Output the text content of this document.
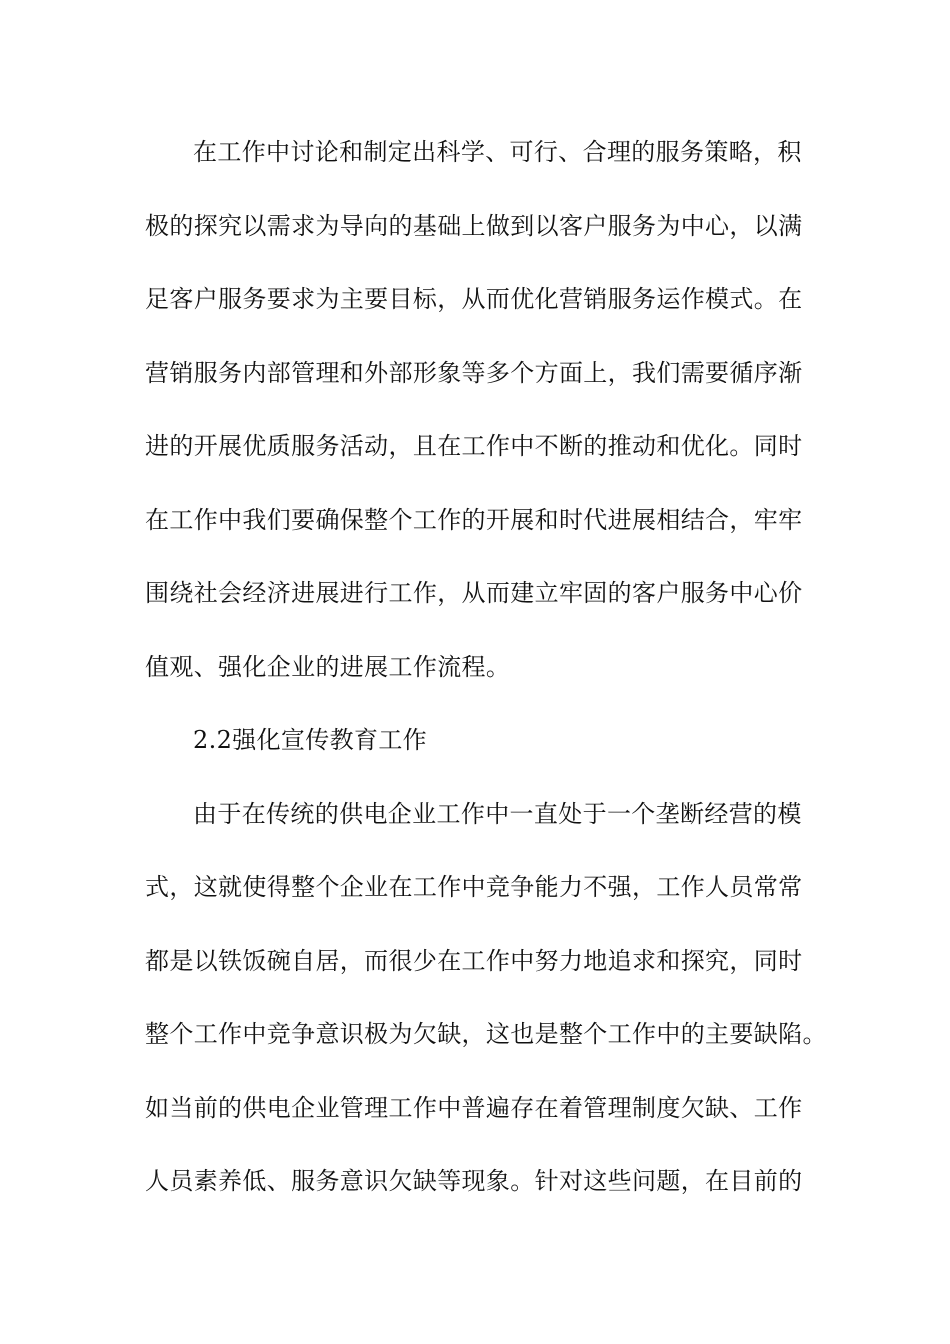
在工作中讨论和制定出科学、可行、合理的服务策略，积
极的探究以需求为导向的基础上做到以客户服务为中心，以满
足客户服务要求为主要目标，从而优化营销服务运作模式。在
营销服务内部管理和外部形象等多个方面上，我们需要循序渐
进的开展优质服务活动，且在工作中不断的推动和优化。同时
在工作中我们要确保整个工作的开展和时代进展相结合，牢牢
围绕社会经济进展进行工作，从而建立牢固的客户服务中心价
值观、强化企业的进展工作流程。
2.2强化宣传教育工作
由于在传统的供电企业工作中一直处于一个垄断经营的模
式，这就使得整个企业在工作中竞争能力不强，工作人员常常
都是以铁饭碗自居，而很少在工作中努力地追求和探究，同时
整个工作中竞争意识极为欠缺，这也是整个工作中的主要缺陷。
如当前的供电企业管理工作中普遍存在着管理制度欠缺、工作
人员素养低、服务意识欠缺等现象。针对这些问题，在目前的
